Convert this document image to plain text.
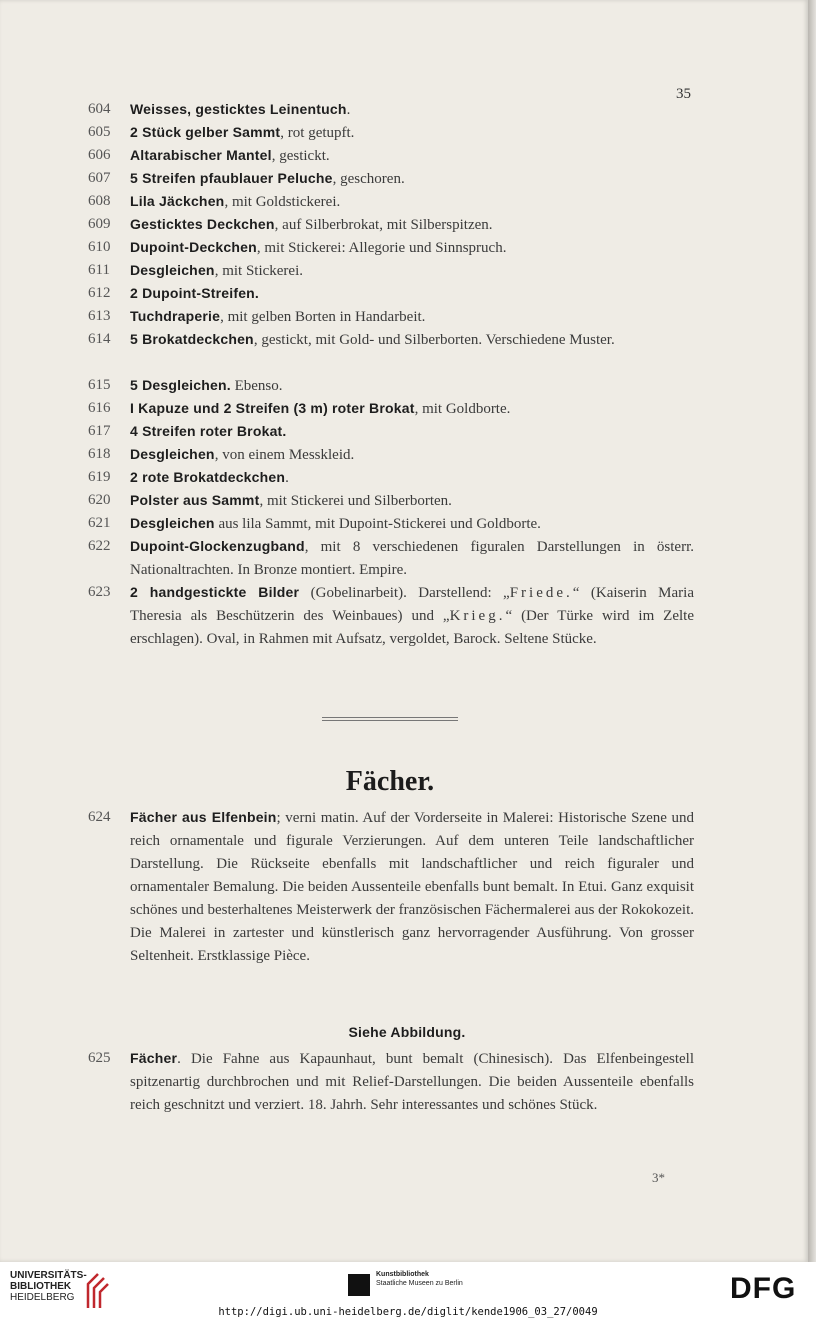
35
604	Weisses, gesticktes Leinentuch.
605	2 Stück gelber Sammt, rot getupft.
606	Altarabischer Mantel, gestickt.
607	5 Streifen pfaublauer Peluche, geschoren.
608	Lila Jäckchen, mit Goldstickerei.
609	Gesticktes Deckchen, auf Silberbrokat, mit Silberspitzen.
610	Dupoint-Deckchen, mit Stickerei: Allegorie und Sinnspruch.
611	Desgleichen, mit Stickerei.
612	2 Dupoint-Streifen.
613	Tuchdraperie, mit gelben Borten in Handarbeit.
614	5 Brokatdeckchen, gestickt, mit Gold- und Silberborten. Verschiedene Muster.
615	5 Desgleichen. Ebenso.
616	I Kapuze und 2 Streifen (3 m) roter Brokat, mit Goldborte.
617	4 Streifen roter Brokat.
618	Desgleichen, von einem Messkleid.
619	2 rote Brokatdeckchen.
620	Polster aus Sammt, mit Stickerei und Silberborten.
621	Desgleichen aus lila Sammt, mit Dupoint-Stickerei und Goldborte.
622	Dupoint-Glockenzugband, mit 8 verschiedenen figuralen Darstellungen in österr. Nationaltrachten. In Bronze montiert. Empire.
623	2 handgestickte Bilder (Gobelinarbeit). Darstellend: „Friede.“ (Kaiserin Maria Theresia als Beschützerin des Weinbaues) und „Krieg.“ (Der Türke wird im Zelte erschlagen). Oval, in Rahmen mit Aufsatz, vergoldet, Barock. Seltene Stücke.
Fächer.
624	Fächer aus Elfenbein; verni matin. Auf der Vorderseite in Malerei: Historische Szene und reich ornamentale und figurale Verzierungen. Auf dem unteren Teile landschaftlicher Darstellung. Die Rückseite ebenfalls mit landschaftlicher und reich figuraler und ornamentaler Bemalung. Die beiden Aussenteile ebenfalls bunt bemalt. In Etui. Ganz exquisit schönes und besterhaltenes Meisterwerk der französischen Fächermalerei aus der Rokokozeit. Die Malerei in zartester und künstlerisch ganz hervorragender Ausführung. Von grosser Seltenheit. Erstklassige Pièce.
Siehe Abbildung.
625	Fächer. Die Fahne aus Kapaunhaut, bunt bemalt (Chinesisch). Das Elfenbeingestell spitzenartig durchbrochen und mit Relief-Darstellungen. Die beiden Aussenteile ebenfalls reich geschnitzt und verziert. 18. Jahrh. Sehr interessantes und schönes Stück.
3*
UNIVERSITÄTS-
BIBLIOTHEK
HEIDELBERG
Kunstbibliothek
Staatliche Museen zu Berlin	DFG
http://digi.ub.uni-heidelberg.de/diglit/kende1906_03_27/0049
